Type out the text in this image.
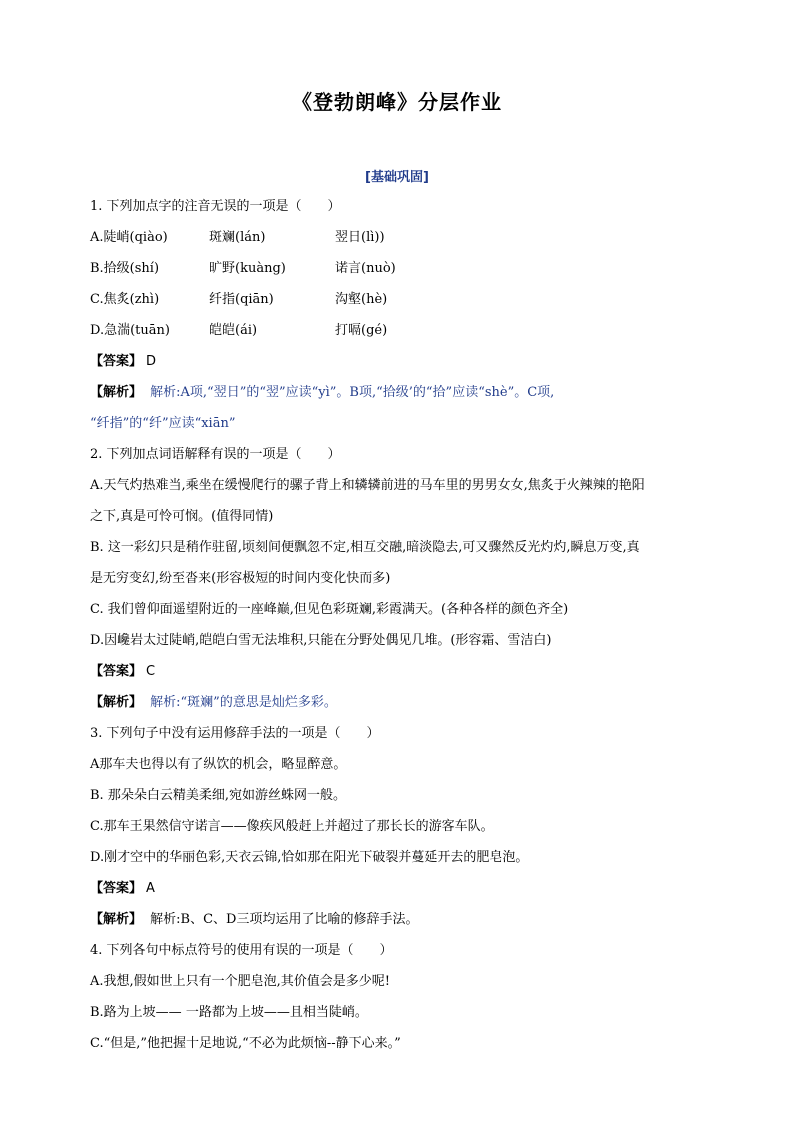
《登勃朗峰》分层作业
[基础巩固]
1. 下列加点字的注音无误的一项是（　　）
A.陡峭(qiào)	斑斓(lán)	翌日(lì))
B.拾级(shí)	旷野(kuàng)	诺言(nuò)
C.焦炙(zhì)	纤指(qiān)	沟壑(hè)
D.急湍(tuān)	皑皑(ái)	打嗝(gé)
【答案】 D
【解析】 解析:A项,“翌日”的“翌”应读“yì”。B项,“拾级’的“拾”应读“shè”。C项,
“纤指”的“纤”应读“xiān”
2. 下列加点词语解释有误的一项是（　　）
A.天气灼热难当,乘坐在缓慢爬行的骡子背上和辚辚前进的马车里的男男女女,焦炙于火辣辣的艳阳
之下,真是可怜可悯。(值得同情)
B. 这一彩幻只是稍作驻留,顷刻间便飘忽不定,相互交融,暗淡隐去,可又骤然反光灼灼,瞬息万变,真
是无穷变幻,纷至沓来(形容极短的时间内变化快而多)
C. 我们曾仰面遥望附近的一座峰巅,但见色彩斑斓,彩霞满天。(各种各样的颜色齐全)
D.因巉岩太过陡峭,皑皑白雪无法堆积,只能在分野处偶见几堆。(形容霜、雪洁白)
【答案】 C
【解析】 解析:“斑斓”的意思是灿烂多彩。
3. 下列句子中没有运用修辞手法的一项是（　　）
A那车夫也得以有了纵饮的机会，略显醉意。
B. 那朵朵白云精美柔细,宛如游丝蛛网一般。
C.那车王果然信守诺言——像疾风般赶上并超过了那长长的游客车队。
D.刚才空中的华丽色彩,天衣云锦,恰如那在阳光下破裂并蔓延开去的肥皂泡。
【答案】 A
【解析】 解析:B、C、D三项均运用了比喻的修辞手法。
4. 下列各句中标点符号的使用有误的一项是（　　）
A.我想,假如世上只有一个肥皂泡,其价值会是多少呢!
B.路为上坡—— 一路都为上坡——且相当陡峭。
C.“但是,”他把握十足地说,“不必为此烦恼--静下心来。”
